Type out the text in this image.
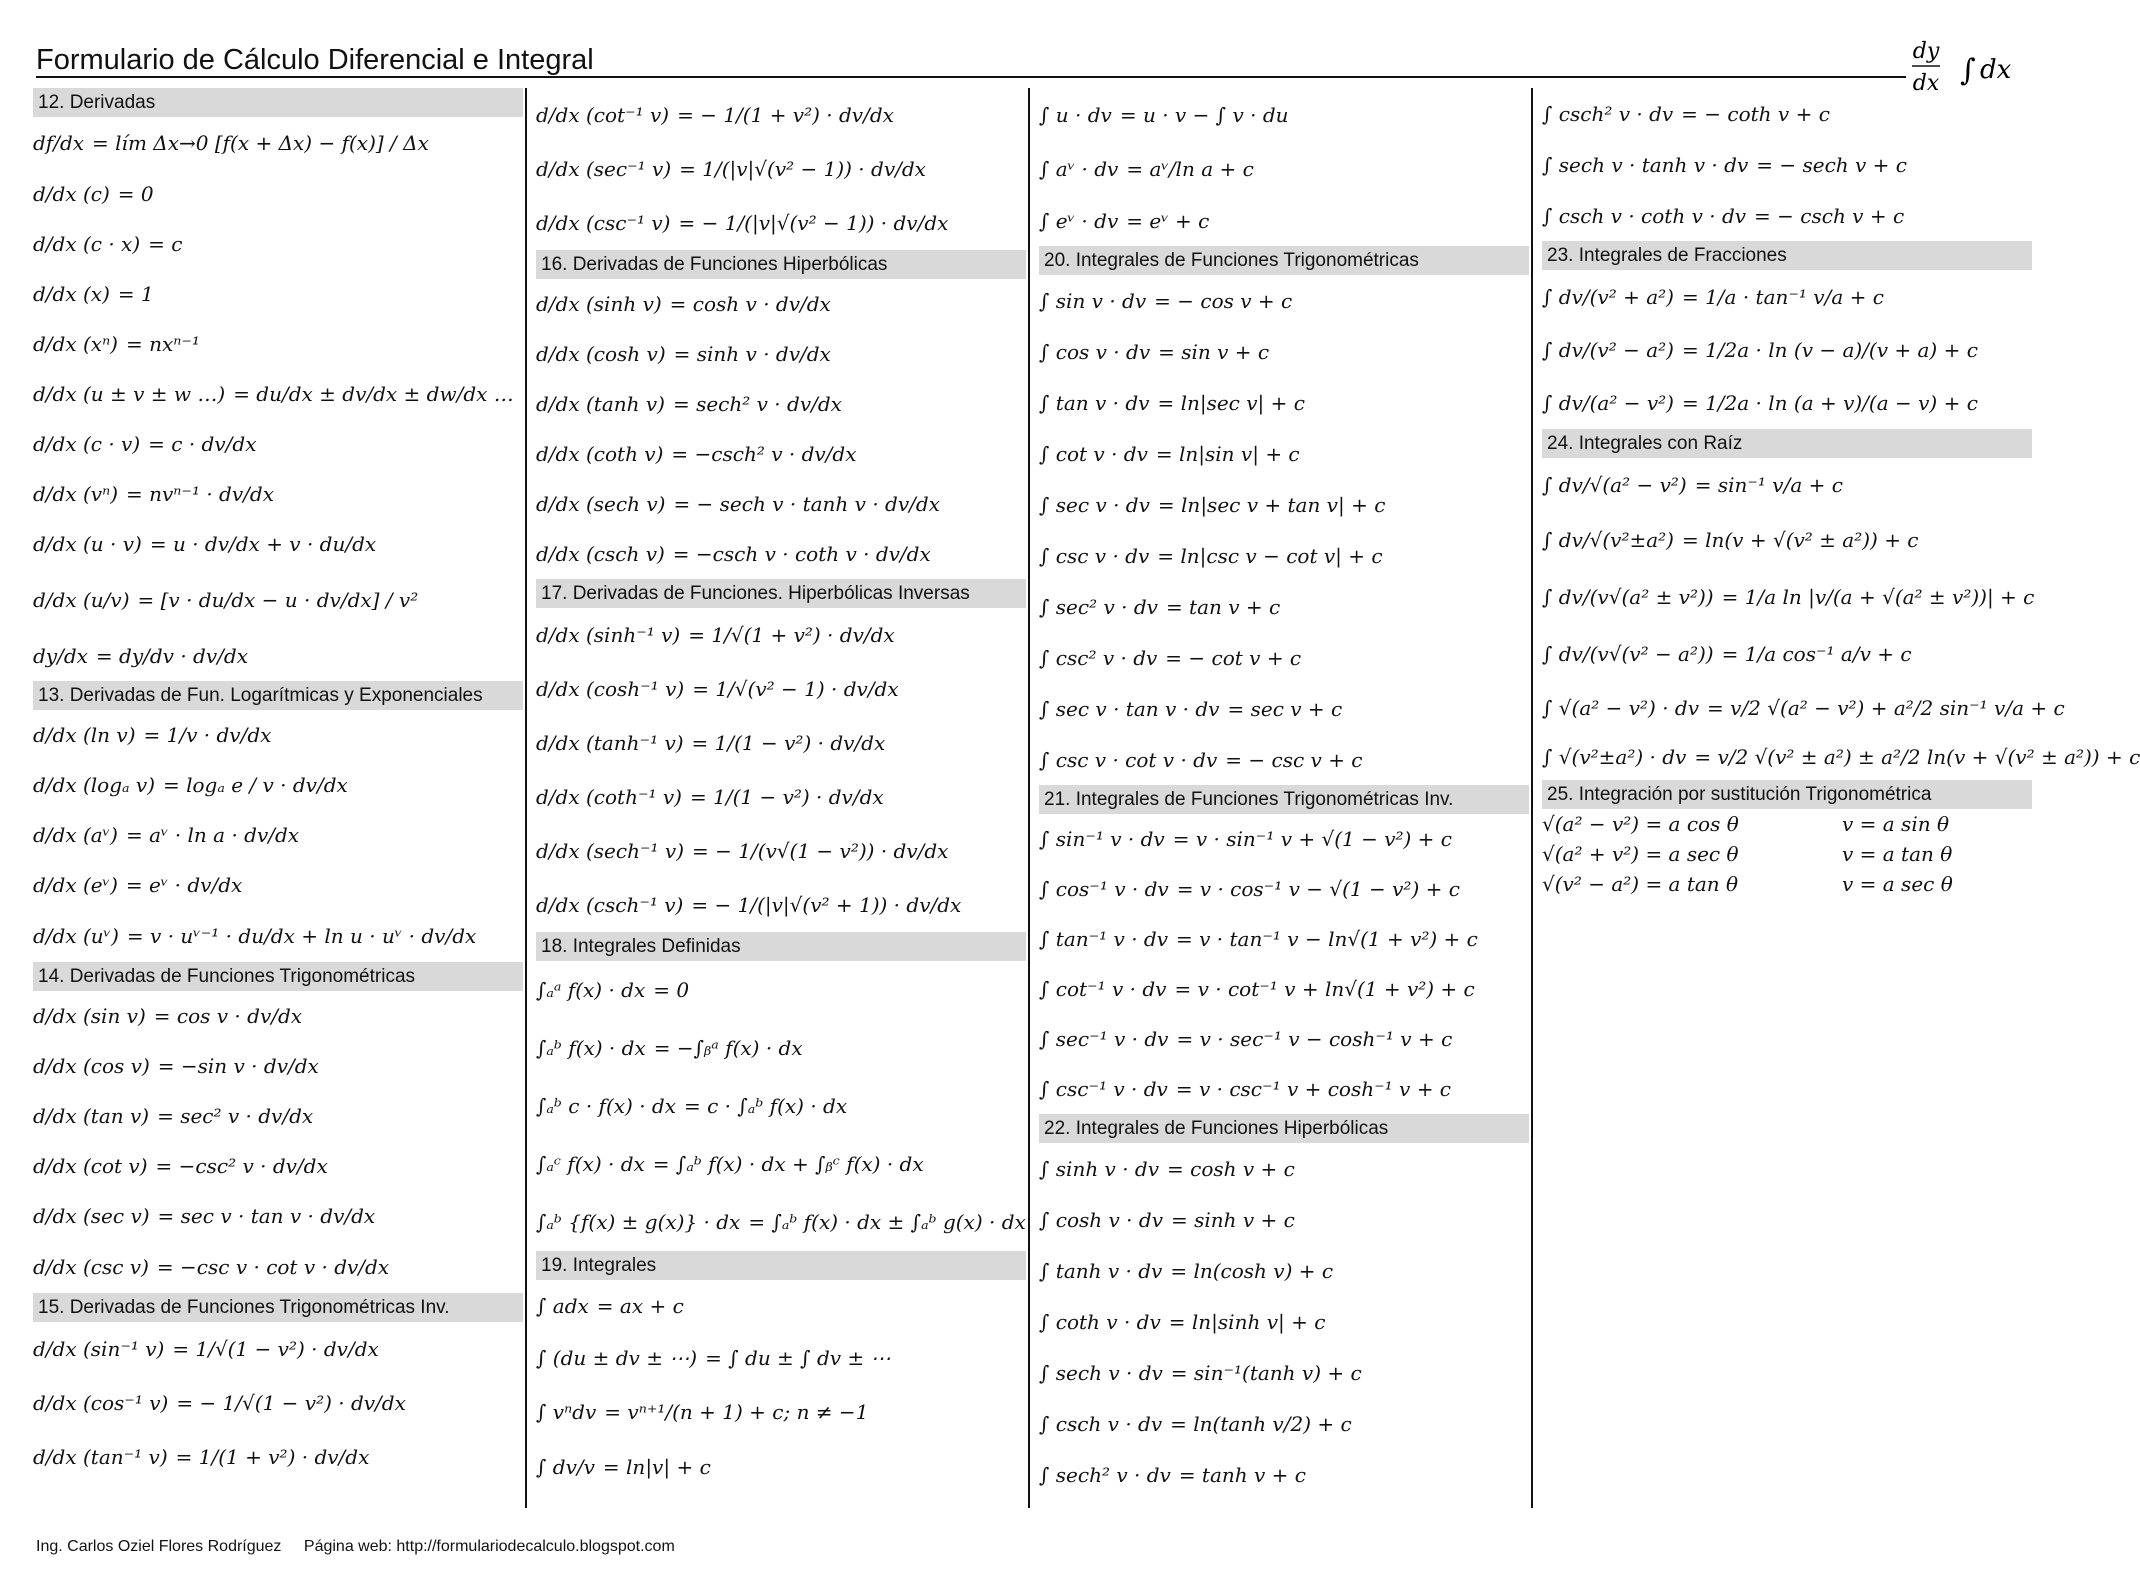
Formulario de Cálculo Diferencial e Integral	dy
dx ∫ dx
12. Derivadas
df/dx = lím Δx→0 [f(x + Δx) − f(x)] / Δx
d/dx (c) = 0
d/dx (c · x) = c
d/dx (x) = 1
d/dx (xⁿ) = nxⁿ⁻¹
d/dx (u ± v ± w …) = du/dx ± dv/dx ± dw/dx …
d/dx (c · v) = c · dv/dx
d/dx (vⁿ) = nvⁿ⁻¹ · dv/dx
d/dx (u · v) = u · dv/dx + v · du/dx
d/dx (u/v) = [v · du/dx − u · dv/dx] / v²
dy/dx = dy/dv · dv/dx
13. Derivadas de Fun. Logarítmicas y Exponenciales
d/dx (ln v) = 1/v · dv/dx
d/dx (logₐ v) = logₐ e / v · dv/dx
d/dx (aᵛ) = aᵛ · ln a · dv/dx
d/dx (eᵛ) = eᵛ · dv/dx
d/dx (uᵛ) = v · uᵛ⁻¹ · du/dx + ln u · uᵛ · dv/dx
14. Derivadas de Funciones Trigonométricas
d/dx (sin v) = cos v · dv/dx
d/dx (cos v) = −sin v · dv/dx
d/dx (tan v) = sec² v · dv/dx
d/dx (cot v) = −csc² v · dv/dx
d/dx (sec v) = sec v · tan v · dv/dx
d/dx (csc v) = −csc v · cot v · dv/dx
15. Derivadas de Funciones Trigonométricas Inv.
d/dx (sin⁻¹ v) = 1/√(1 − v²) · dv/dx
d/dx (cos⁻¹ v) = − 1/√(1 − v²) · dv/dx
d/dx (tan⁻¹ v) = 1/(1 + v²) · dv/dx
d/dx (cot⁻¹ v) = − 1/(1 + v²) · dv/dx
d/dx (sec⁻¹ v) = 1/(|v|√(v² − 1)) · dv/dx
d/dx (csc⁻¹ v) = − 1/(|v|√(v² − 1)) · dv/dx
16. Derivadas de Funciones Hiperbólicas
d/dx (sinh v) = cosh v · dv/dx
d/dx (cosh v) = sinh v · dv/dx
d/dx (tanh v) = sech² v · dv/dx
d/dx (coth v) = −csch² v · dv/dx
d/dx (sech v) = − sech v · tanh v · dv/dx
d/dx (csch v) = −csch v · coth v · dv/dx
17. Derivadas de Funciones. Hiperbólicas Inversas
d/dx (sinh⁻¹ v) = 1/√(1 + v²) · dv/dx
d/dx (cosh⁻¹ v) = 1/√(v² − 1) · dv/dx
d/dx (tanh⁻¹ v) = 1/(1 − v²) · dv/dx
d/dx (coth⁻¹ v) = 1/(1 − v²) · dv/dx
d/dx (sech⁻¹ v) = − 1/(v√(1 − v²)) · dv/dx
d/dx (csch⁻¹ v) = − 1/(|v|√(v² + 1)) · dv/dx
18. Integrales Definidas
∫ₐᵃ f(x) · dx = 0
∫ₐᵇ f(x) · dx = −∫ᵦᵃ f(x) · dx
∫ₐᵇ c · f(x) · dx = c · ∫ₐᵇ f(x) · dx
∫ₐᶜ f(x) · dx = ∫ₐᵇ f(x) · dx + ∫ᵦᶜ f(x) · dx
∫ₐᵇ {f(x) ± g(x)} · dx = ∫ₐᵇ f(x) · dx ± ∫ₐᵇ g(x) · dx
19. Integrales
∫ adx = ax + c
∫ (du ± dv ± ⋯) = ∫ du ± ∫ dv ± ⋯
∫ vⁿdv = vⁿ⁺¹/(n + 1) + c; n ≠ −1
∫ dv/v = ln|v| + c
∫ u · dv = u · v − ∫ v · du
∫ aᵛ · dv = aᵛ/ln a + c
∫ eᵛ · dv = eᵛ + c
20. Integrales de Funciones Trigonométricas
∫ sin v · dv = − cos v + c
∫ cos v · dv = sin v + c
∫ tan v · dv = ln|sec v| + c
∫ cot v · dv = ln|sin v| + c
∫ sec v · dv = ln|sec v + tan v| + c
∫ csc v · dv = ln|csc v − cot v| + c
∫ sec² v · dv = tan v + c
∫ csc² v · dv = − cot v + c
∫ sec v · tan v · dv = sec v + c
∫ csc v · cot v · dv = − csc v + c
21. Integrales de Funciones Trigonométricas Inv.
∫ sin⁻¹ v · dv = v · sin⁻¹ v + √(1 − v²) + c
∫ cos⁻¹ v · dv = v · cos⁻¹ v − √(1 − v²) + c
∫ tan⁻¹ v · dv = v · tan⁻¹ v − ln√(1 + v²) + c
∫ cot⁻¹ v · dv = v · cot⁻¹ v + ln√(1 + v²) + c
∫ sec⁻¹ v · dv = v · sec⁻¹ v − cosh⁻¹ v + c
∫ csc⁻¹ v · dv = v · csc⁻¹ v + cosh⁻¹ v + c
22. Integrales de Funciones Hiperbólicas
∫ sinh v · dv = cosh v + c
∫ cosh v · dv = sinh v + c
∫ tanh v · dv = ln(cosh v) + c
∫ coth v · dv = ln|sinh v| + c
∫ sech v · dv = sin⁻¹(tanh v) + c
∫ csch v · dv = ln(tanh v/2) + c
∫ sech² v · dv = tanh v + c
∫ csch² v · dv = − coth v + c
∫ sech v · tanh v · dv = − sech v + c
∫ csch v · coth v · dv = − csch v + c
23. Integrales de Fracciones
∫ dv/(v² + a²) = 1/a · tan⁻¹ v/a + c
∫ dv/(v² − a²) = 1/2a · ln (v − a)/(v + a) + c
∫ dv/(a² − v²) = 1/2a · ln (a + v)/(a − v) + c
24. Integrales con Raíz
∫ dv/√(a² − v²) = sin⁻¹ v/a + c
∫ dv/√(v²±a²) = ln(v + √(v² ± a²)) + c
∫ dv/(v√(a² ± v²)) = 1/a ln |v/(a + √(a² ± v²))| + c
∫ dv/(v√(v² − a²)) = 1/a cos⁻¹ a/v + c
∫ √(a² − v²) · dv = v/2 √(a² − v²) + a²/2 sin⁻¹ v/a + c
∫ √(v²±a²) · dv = v/2 √(v² ± a²) ± a²/2 ln(v + √(v² ± a²)) + c
25. Integración por sustitución Trigonométrica
√(a² − v²) = a cos θ	v = a sin θ
√(a² + v²) = a sec θ	v = a tan θ
√(v² − a²) = a tan θ	v = a sec θ
Ing. Carlos Oziel Flores Rodríguez Página web: http://formulariodecalculo.blogspot.com
